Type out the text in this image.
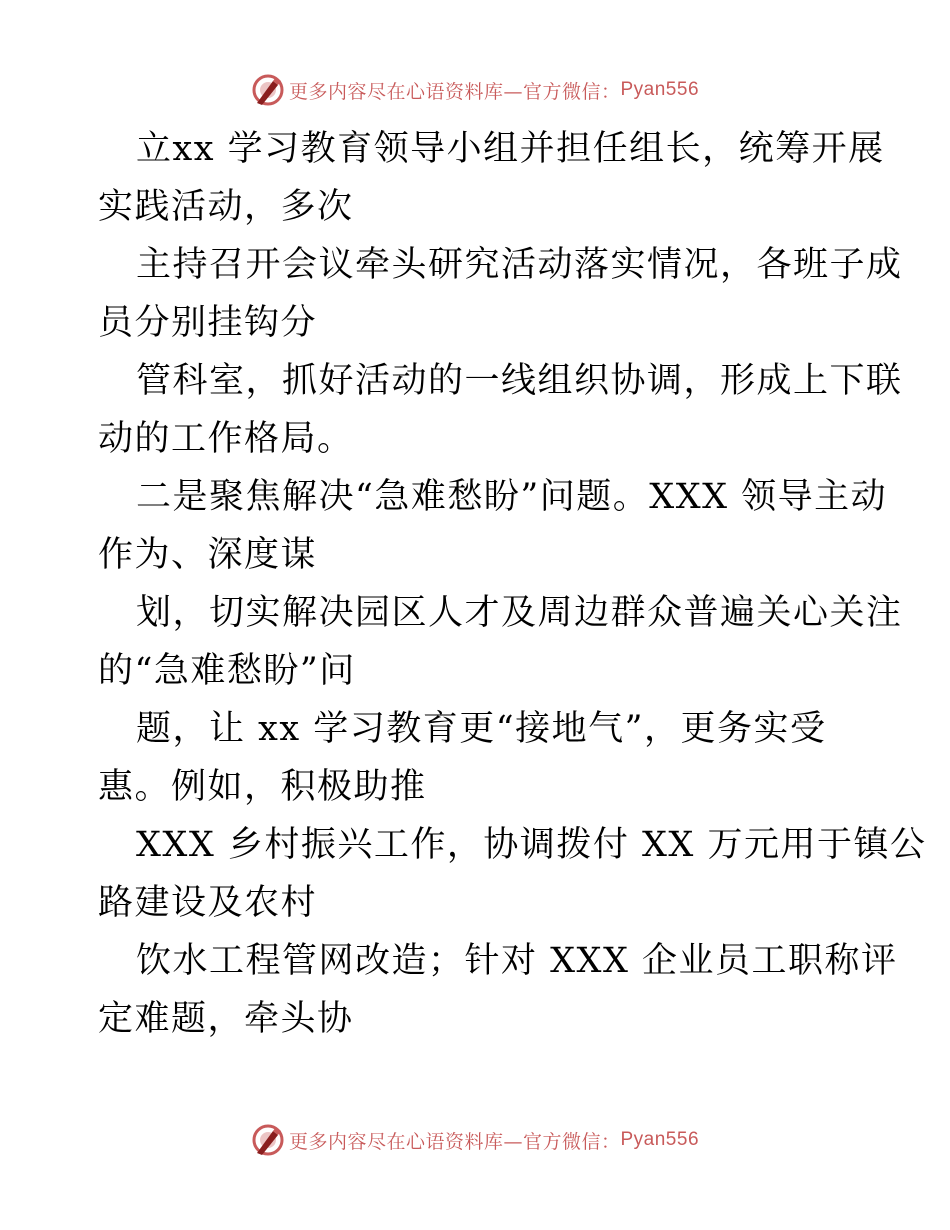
更多内容尽在心语资料库—官方微信： Pyan556
立xx 学习教育领导小组并担任组长，统筹开展
实践活动，多次
主持召开会议牵头研究活动落实情况，各班子成
员分别挂钩分
管科室，抓好活动的一线组织协调，形成上下联
动的工作格局。
二是聚焦解决“急难愁盼”问题。XXX 领导主动
作为、深度谋
划，切实解决园区人才及周边群众普遍关心关注
的“急难愁盼”问
题，让 xx 学习教育更“接地气”，更务实受
惠。例如，积极助推
XXX 乡村振兴工作，协调拨付 XX 万元用于镇公
路建设及农村
饮水工程管网改造；针对 XXX 企业员工职称评
定难题，牵头协
更多内容尽在心语资料库—官方微信： Pyan556
